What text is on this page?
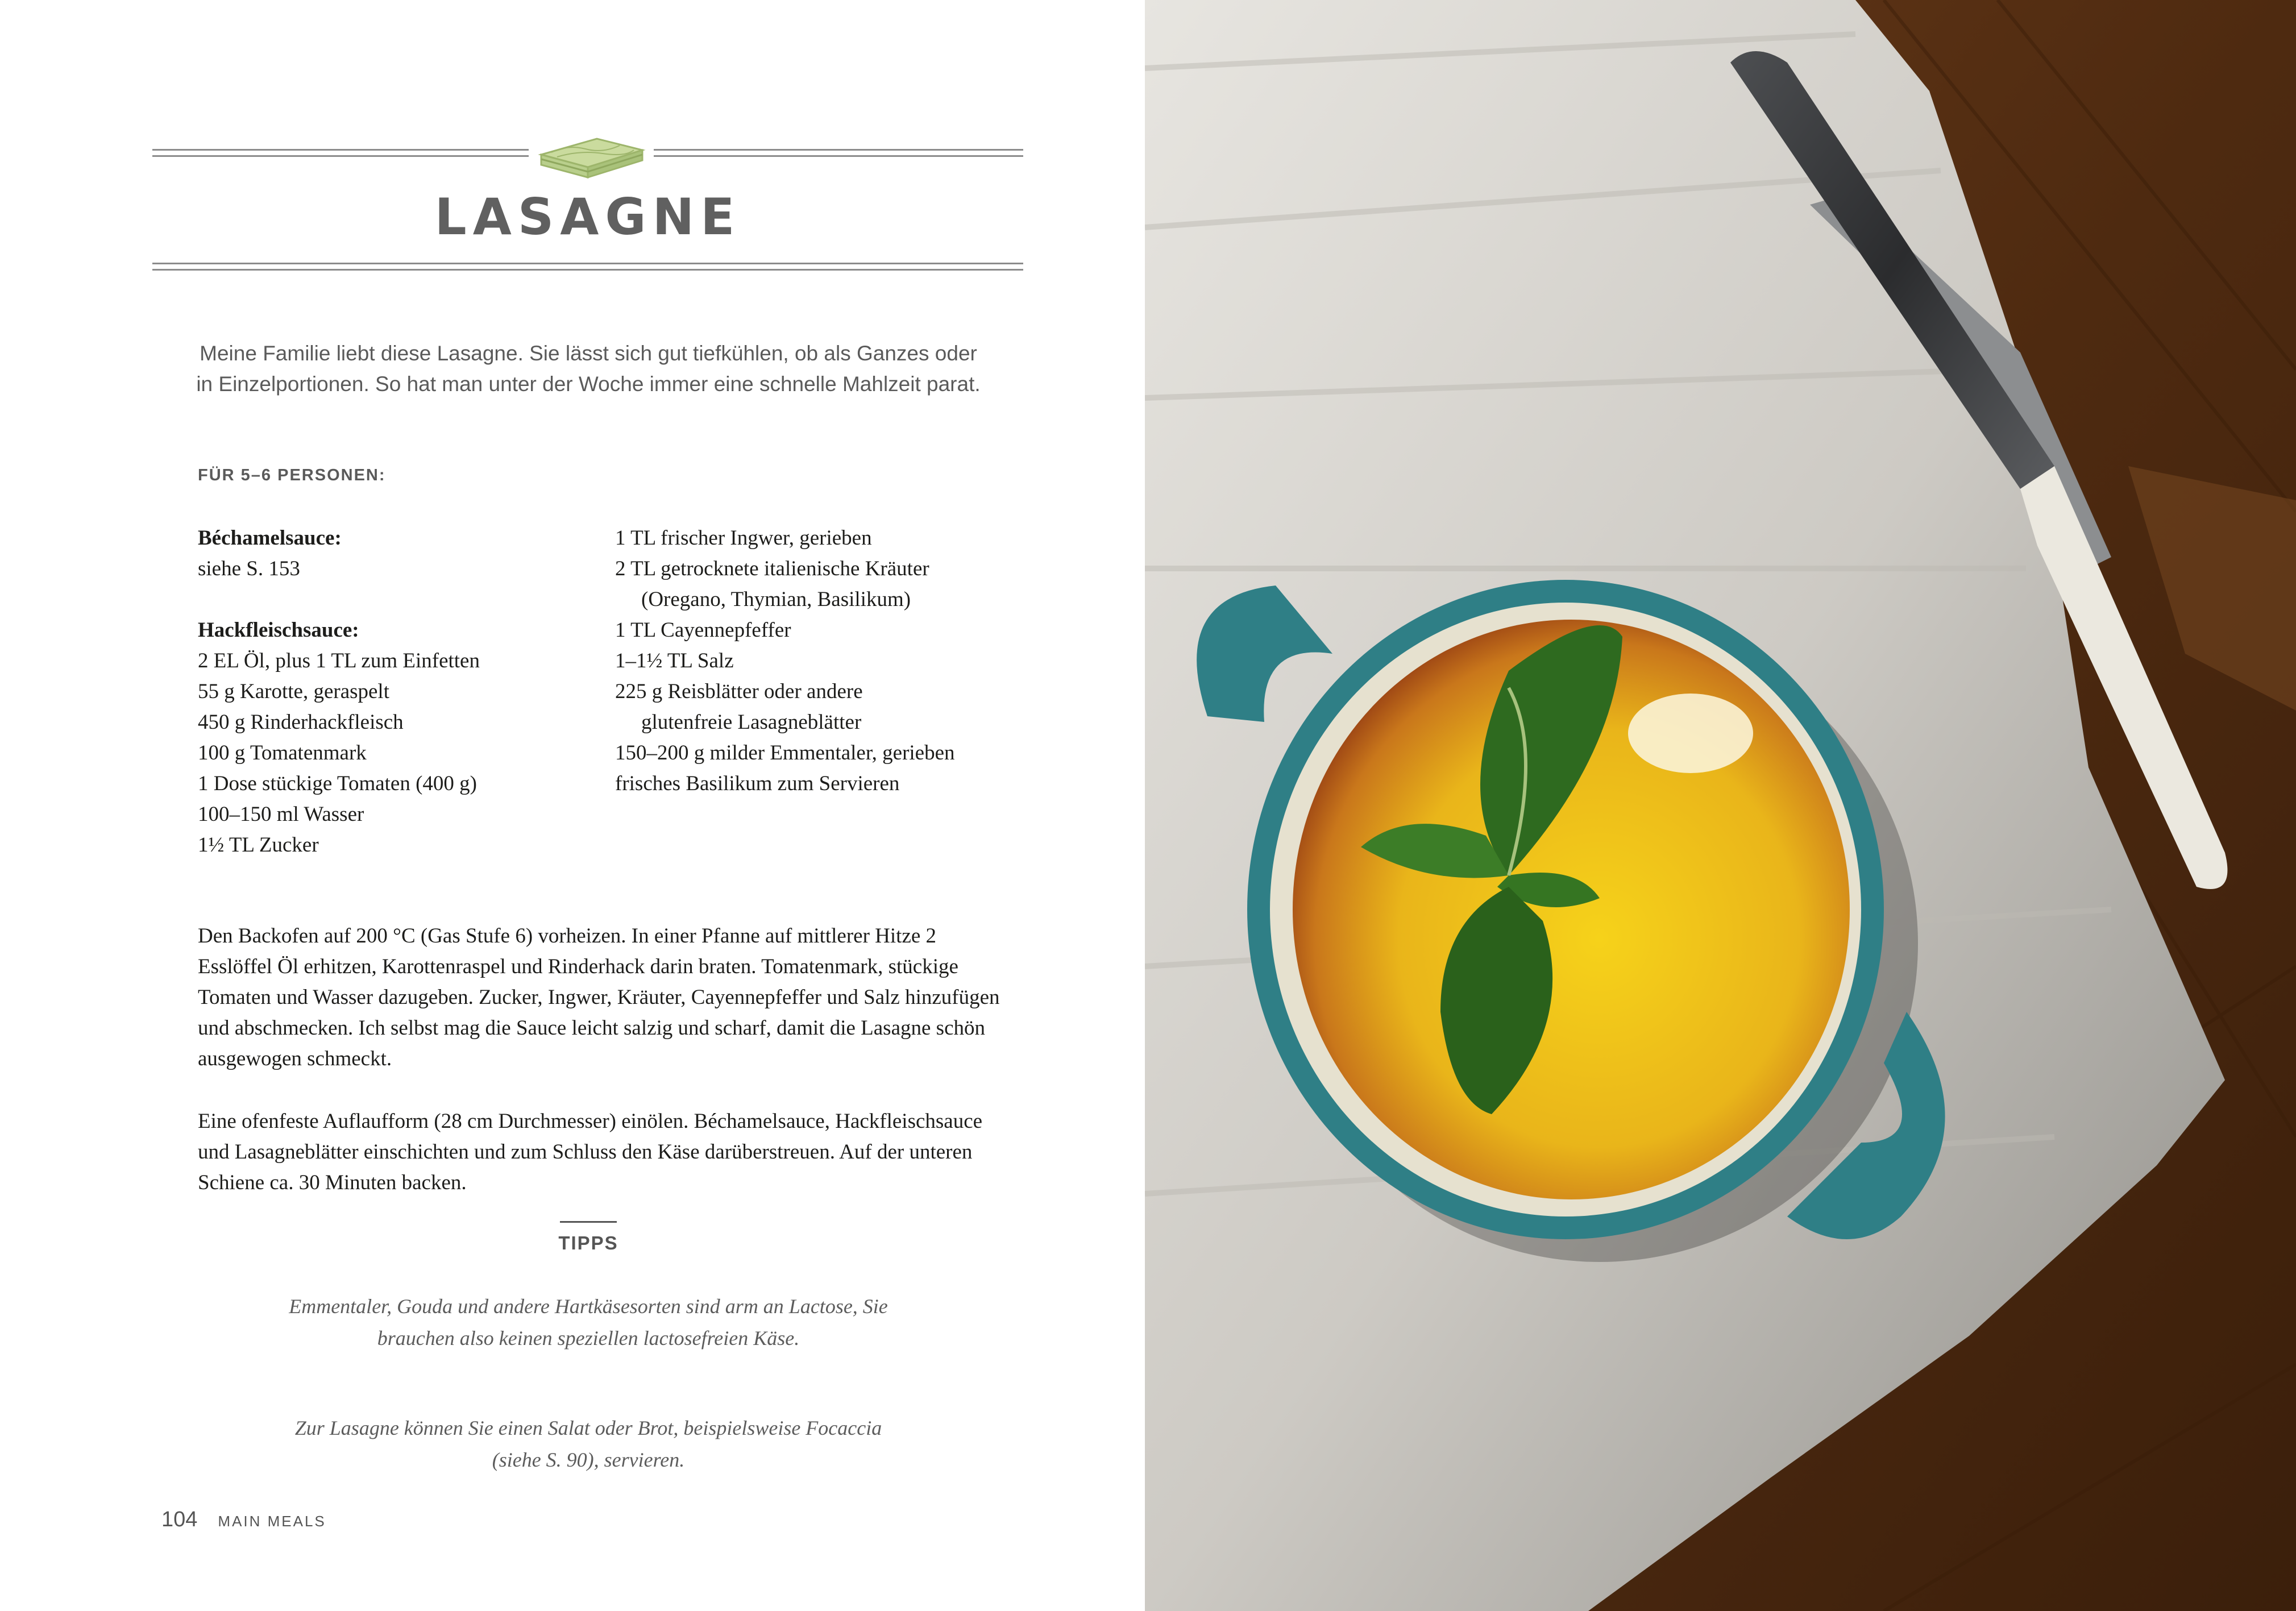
LASAGNE
Meine Familie liebt diese Lasagne. Sie lässt sich gut tiefkühlen, ob als Ganzes oder in Einzelportionen. So hat man unter der Woche immer eine schnelle Mahlzeit parat.
FÜR 5–6 PERSONEN:
Béchamelsauce:
siehe S. 153
Hackfleischsauce:
2 EL Öl, plus 1 TL zum Einfetten
55 g Karotte, geraspelt
450 g Rinderhackfleisch
100 g Tomatenmark
1 Dose stückige Tomaten (400 g)
100–150 ml Wasser
1½ TL Zucker
1 TL frischer Ingwer, gerieben
2 TL getrocknete italienische Kräuter
(Oregano, Thymian, Basilikum)
1 TL Cayennepfeffer
1–1½ TL Salz
225 g Reisblätter oder andere
glutenfreie Lasagneblätter
150–200 g milder Emmentaler, gerieben
frisches Basilikum zum Servieren
Den Backofen auf 200 °C (Gas Stufe 6) vorheizen. In einer Pfanne auf mittlerer Hitze 2 Esslöffel Öl erhitzen, Karottenraspel und Rinderhack darin braten. Tomatenmark, stückige Tomaten und Wasser dazugeben. Zucker, Ingwer, Kräuter, Cayennepfeffer und Salz hinzufügen und abschmecken. Ich selbst mag die Sauce leicht salzig und scharf, damit die Lasagne schön ausgewogen schmeckt.
Eine ofenfeste Auflaufform (28 cm Durchmesser) einölen. Béchamelsauce, Hackfleischsauce und Lasagneblätter einschichten und zum Schluss den Käse darüberstreuen. Auf der unteren Schiene ca. 30 Minuten backen.
TIPPS
Emmentaler, Gouda und andere Hartkäsesorten sind arm an Lactose, Sie brauchen also keinen speziellen lactosefreien Käse.
Zur Lasagne können Sie einen Salat oder Brot, beispielsweise Focaccia (siehe S. 90), servieren.
104 MAIN MEALS
